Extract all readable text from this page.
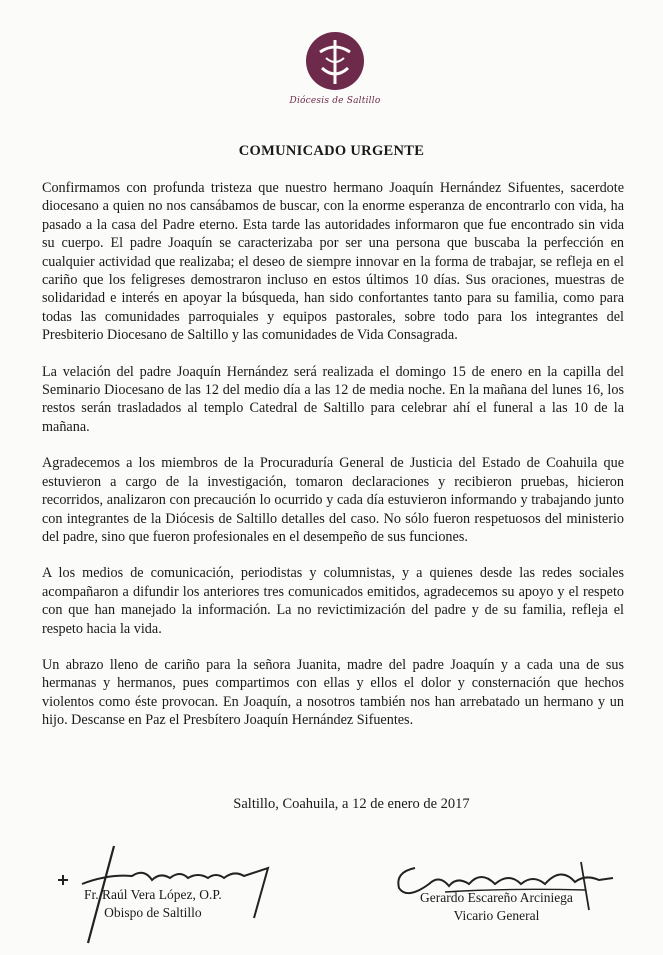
Diócesis de Saltillo
COMUNICADO URGENTE

Confirmamos con profunda tristeza que nuestro hermano Joaquín Hernández Sifuentes, sacerdote diocesano a quien no nos cansábamos de buscar, con la enorme esperanza de encontrarlo con vida, ha pasado a la casa del Padre eterno. Esta tarde las autoridades informaron que fue encontrado sin vida su cuerpo. El padre Joaquín se caracterizaba por ser una persona que buscaba la perfección en cualquier actividad que realizaba; el deseo de siempre innovar en la forma de trabajar, se refleja en el cariño que los feligreses demostraron incluso en estos últimos 10 días. Sus oraciones, muestras de solidaridad e interés en apoyar la búsqueda, han sido confortantes tanto para su familia, como para todas las comunidades parroquiales y equipos pastorales, sobre todo para los integrantes del Presbiterio Diocesano de Saltillo y las comunidades de Vida Consagrada.

La velación del padre Joaquín Hernández será realizada el domingo 15 de enero en la capilla del Seminario Diocesano de las 12 del medio día a las 12 de media noche. En la mañana del lunes 16, los restos serán trasladados al templo Catedral de Saltillo para celebrar ahí el funeral a las 10 de la mañana.

Agradecemos a los miembros de la Procuraduría General de Justicia del Estado de Coahuila que estuvieron a cargo de la investigación, tomaron declaraciones y recibieron pruebas, hicieron recorridos, analizaron con precaución lo ocurrido y cada día estuvieron informando y trabajando junto con integrantes de la Diócesis de Saltillo detalles del caso. No sólo fueron respetuosos del ministerio del padre, sino que fueron profesionales en el desempeño de sus funciones.

A los medios de comunicación, periodistas y columnistas, y a quienes desde las redes sociales acompañaron a difundir los anteriores tres comunicados emitidos, agradecemos su apoyo y el respeto con que han manejado la información. La no revictimización del padre y de su familia, refleja el respeto hacia la vida.

Un abrazo lleno de cariño para la señora Juanita, madre del padre Joaquín y a cada una de sus hermanas y hermanos, pues compartimos con ellas y ellos el dolor y consternación que hechos violentos como éste provocan. En Joaquín, a nosotros también nos han arrebatado un hermano y un hijo. Descanse en Paz el Presbítero Joaquín Hernández Sifuentes.

Saltillo, Coahuila, a 12 de enero de 2017
Fr. Raúl Vera López, O.P.
Obispo de Saltillo
Gerardo Escareño Arciniega
Vicario General
